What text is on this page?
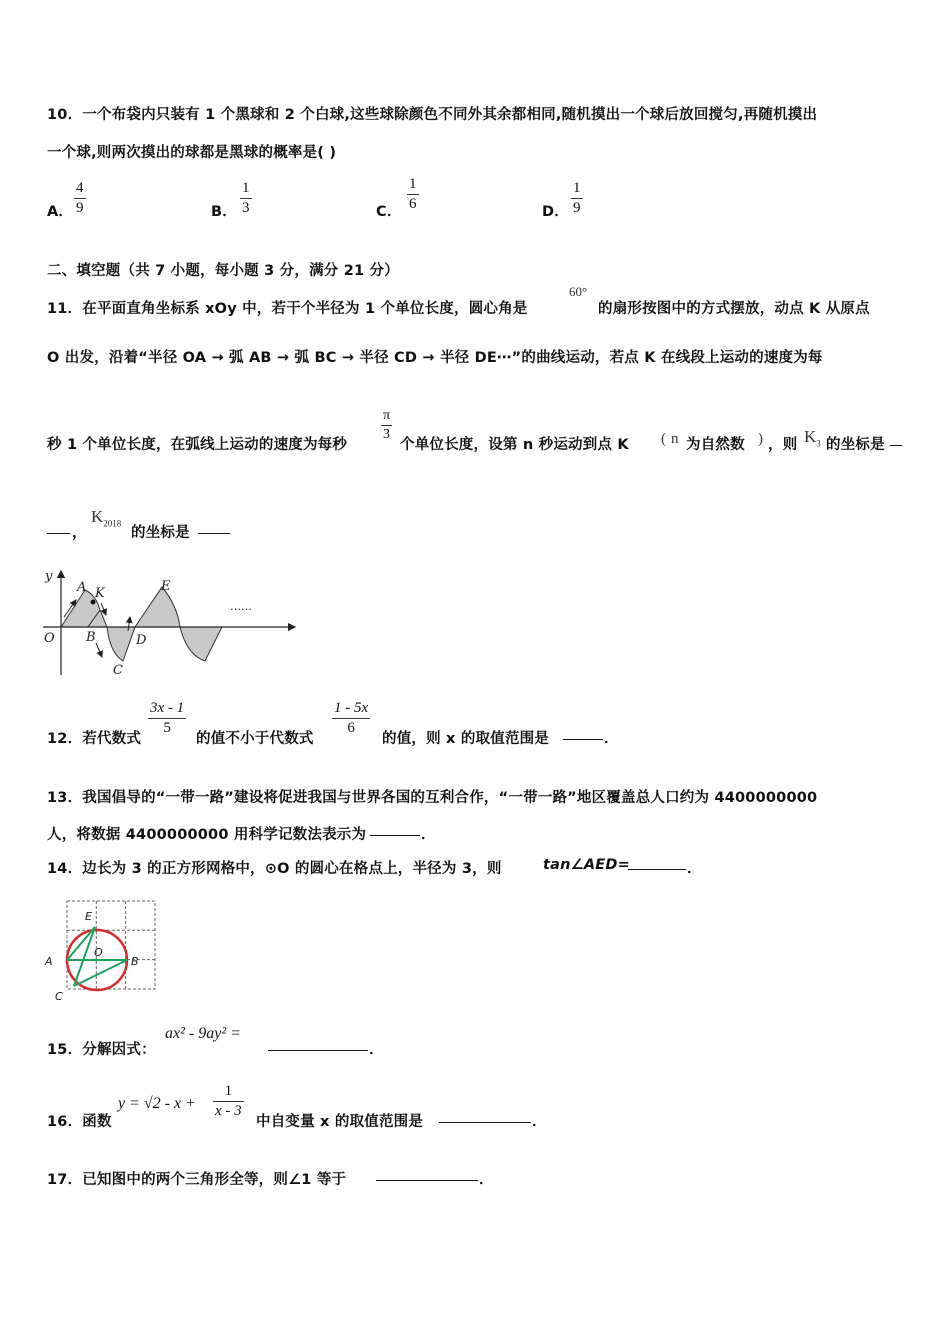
10．一个布袋内只装有 1 个黑球和 2 个白球,这些球除颜色不同外其余都相同,随机摸出一个球后放回搅匀,再随机摸出
一个球,则两次摸出的球都是黑球的概率是( )
A．
4
9	B．
1
3	C．
1
6	D．
1
9
二、填空题（共 7 小题，每小题 3 分，满分 21 分）
11．在平面直角坐标系 xOy 中，若干个半径为 1 个单位长度，圆心角是
60°
的扇形按图中的方式摆放，动点 K 从原点
O 出发，沿着“半径 OA → 弧 AB → 弧 BC → 半径 CD → 半径 DE⋯”的曲线运动，若点 K 在线段上运动的速度为每
秒 1 个单位长度，在弧线上运动的速度为每秒
π
3
个单位长度，设第 n 秒运动到点 K ( n 为自然数 ) ，则 $K_3$ 的坐标是
，
$K_{2018}$
的坐标是
y
A K	E
O B	D
C
……
12．若代数式
3x - 1
5
的值不小于代数式
1 - 5x
6
的值，则 x 的取值范围是	．
13．我国倡导的“一带一路”建设将促进我国与世界各国的互利合作，“一带一路”地区覆盖总人口约为 4400000000
人，将数据 4400000000 用科学记数法表示为	．
14．边长为 3 的正方形网格中，⊙O 的圆心在格点上，半径为 3，则	tan∠AED=	．
E
O
A	B
C
15．分解因式：
ax² - 9ay² =
．
16．函数
y = √2 - x +
1
x - 3
中自变量 x 的取值范围是	．
17．已知图中的两个三角形全等，则∠1 等于	．
